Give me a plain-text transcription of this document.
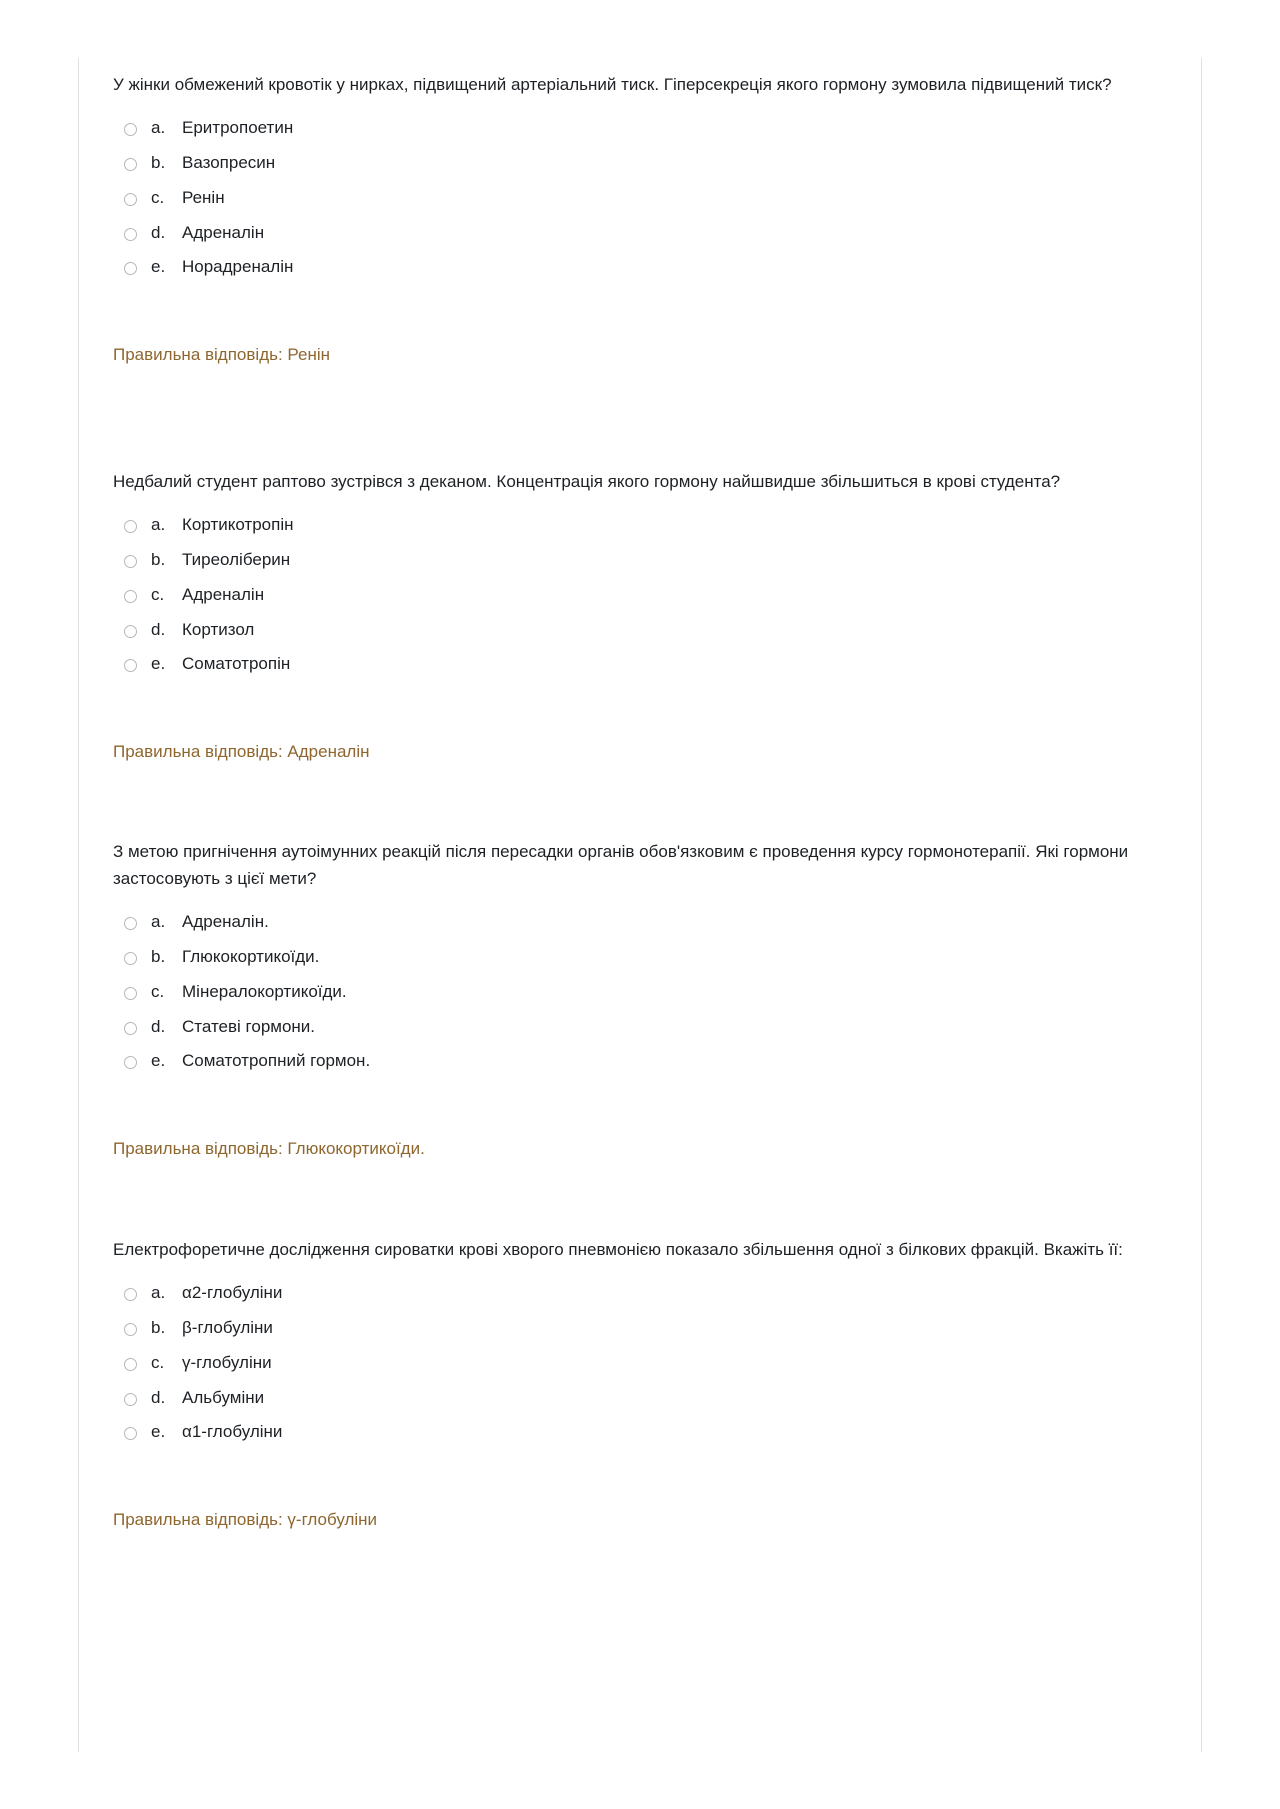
У жінки обмежений кровотік у нирках, підвищений артеріальний тиск. Гіперсекреція якого гормону зумовила підвищений тиск?

a. Еритропоетин
b. Вазопресин
c.	Ренін
d. Адреналін
e. Норадреналін
Правильна відповідь: Ренін

Недбалий студент раптово зустрівся з деканом. Концентрація якого гормону найшвидше збільшиться в крові студента?

a. Кортикотропін
b. Тиреоліберин
c.	Адреналін
d. Кортизол
e. Соматотропін
Правильна відповідь: Адреналін

З метою пригнічення аутоімунних реакцій після пересадки органів обов'язковим є проведення курсу гормонотерапії. Які гормони застосовують з цієї мети?

a. Адреналін.
b. Глюкокортикоїди.
c.	Мінералокортикоїди.
d. Статеві гормони.
e. Соматотропний гормон.
Правильна відповідь: Глюкокортикоїди.

Електрофоретичне дослідження сироватки крові хворого пневмонією показало збільшення одної з білкових фракцій. Вкажіть її:

a. α2-глобуліни
b. β-глобуліни
c.	γ-глобуліни
d. Альбуміни
e. α1-глобуліни
Правильна відповідь: γ-глобуліни
